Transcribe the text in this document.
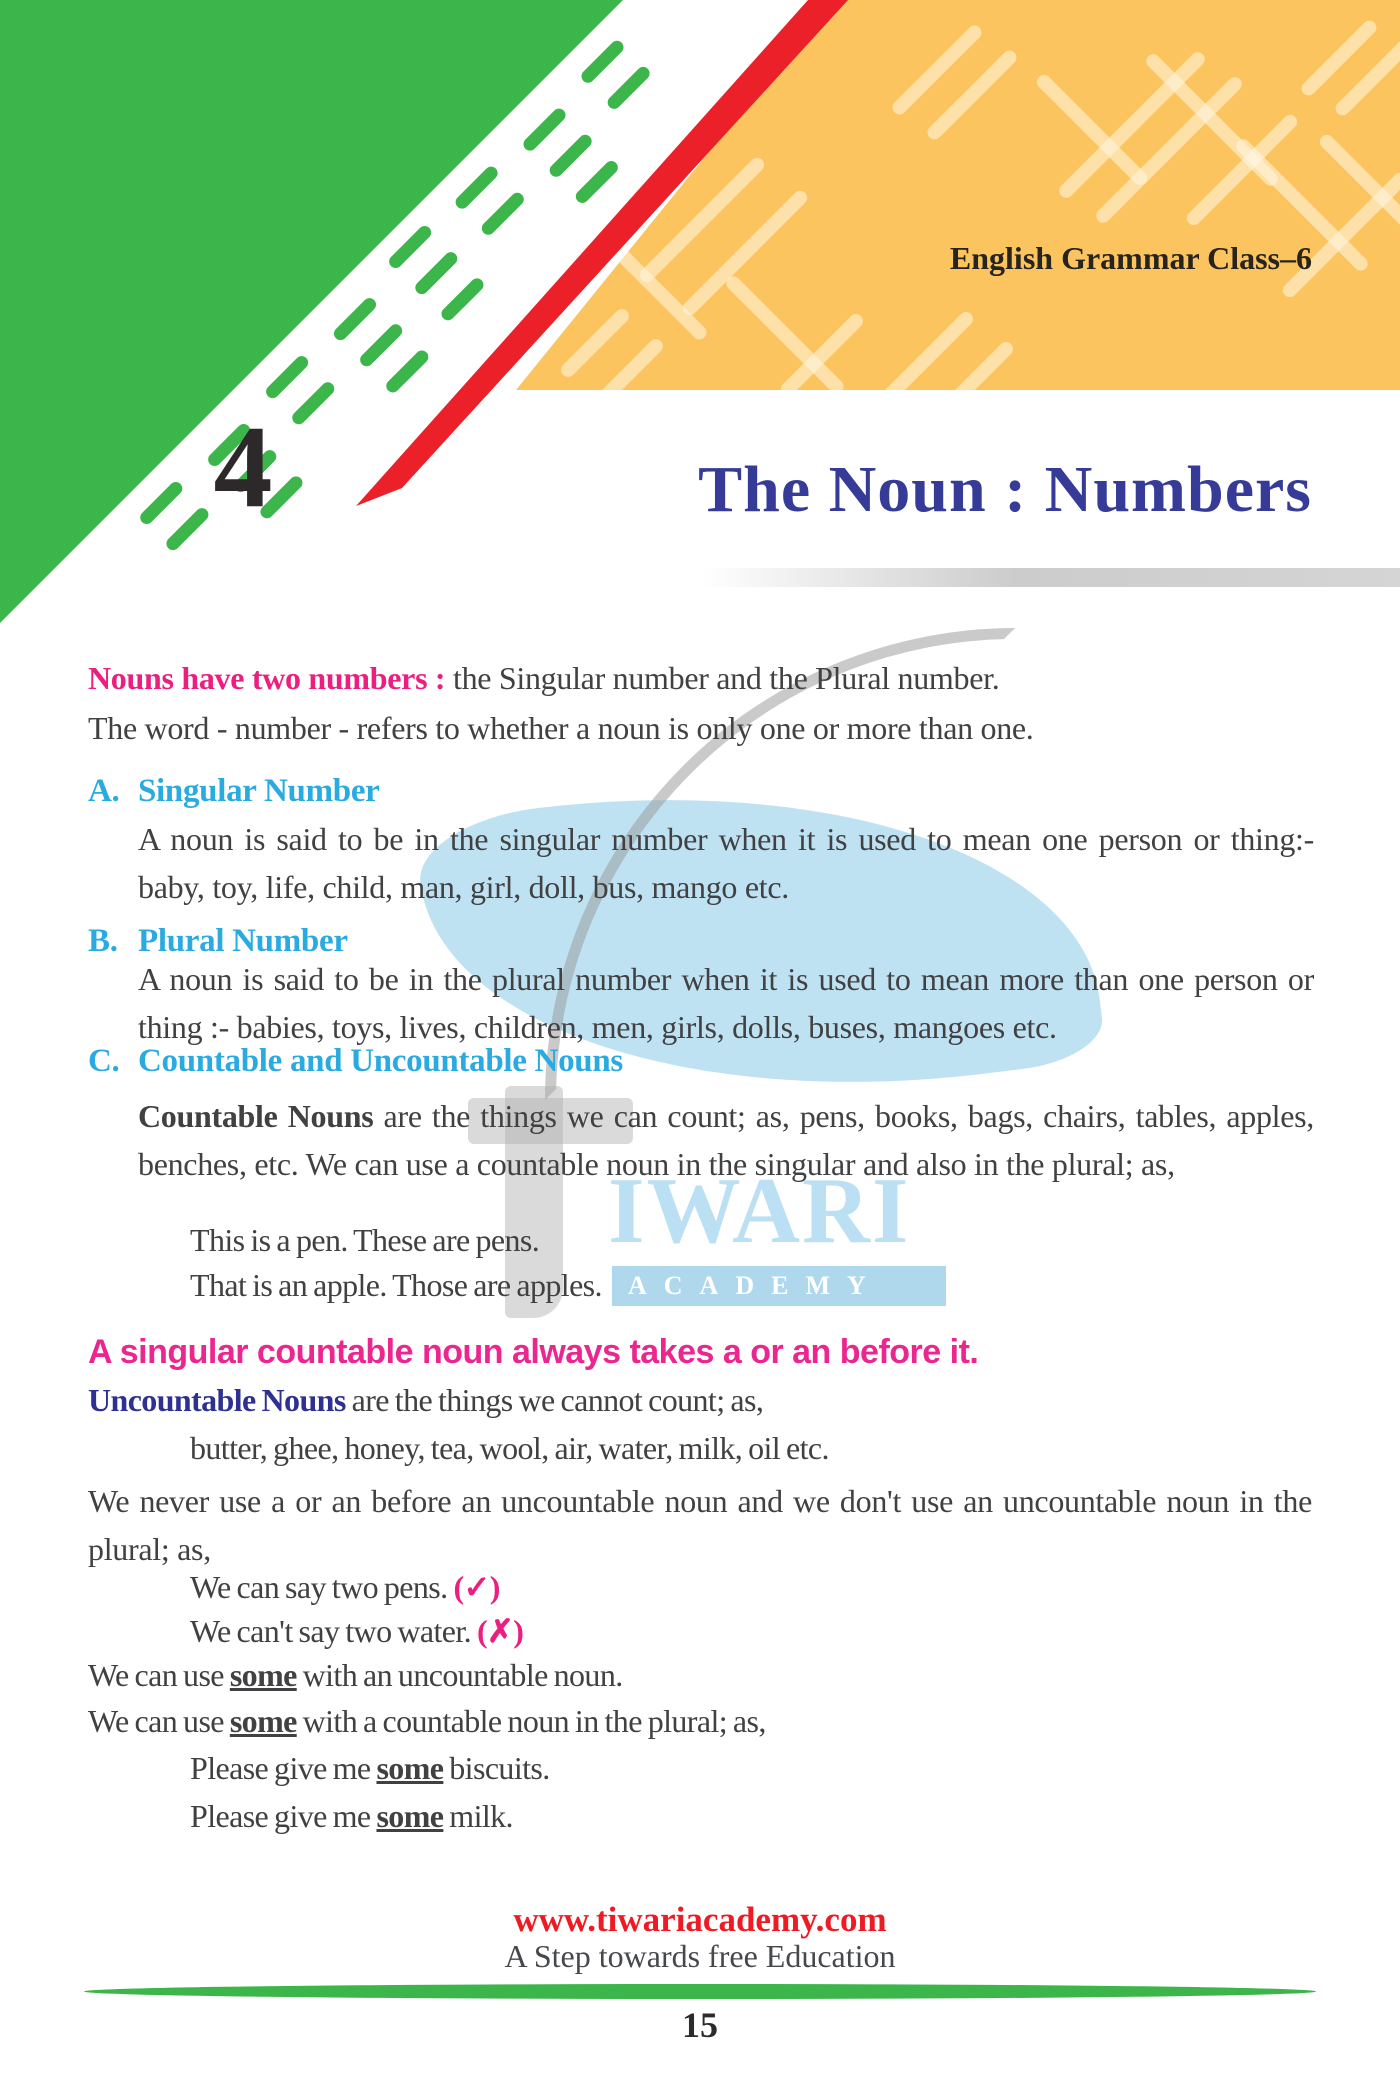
IWARI
ACADEMY
English Grammar Class–6
4	The Noun : Numbers
Nouns have two numbers : the Singular number and the Plural number.
The word - number - refers to whether a noun is only one or more than one.
A. Singular Number
A noun is said to be in the singular number when it is used to mean one person or thing:- baby, toy, life, child, man, girl, doll, bus, mango etc.
B. Plural Number
A noun is said to be in the plural number when it is used to mean more than one person or thing :- babies, toys, lives, children, men, girls, dolls, buses, mangoes etc.
C. Countable and Uncountable Nouns
Countable Nouns are the things we can count; as, pens, books, bags, chairs, tables, apples, benches, etc. We can use a countable noun in the singular and also in the plural; as,
This is a pen. These are pens.
That is an apple. Those are apples.
A singular countable noun always takes a or an before it.
Uncountable Nouns are the things we cannot count; as,
butter, ghee, honey, tea, wool, air, water, milk, oil etc.
We never use a or an before an uncountable noun and we don't use an uncountable noun in the plural; as,
We can say two pens. (✓)
We can't say two water. (✗)
We can use some with an uncountable noun.
We can use some with a countable noun in the plural; as,
Please give me some biscuits.
Please give me some milk.
www.tiwariacademy.com
A Step towards free Education
15
